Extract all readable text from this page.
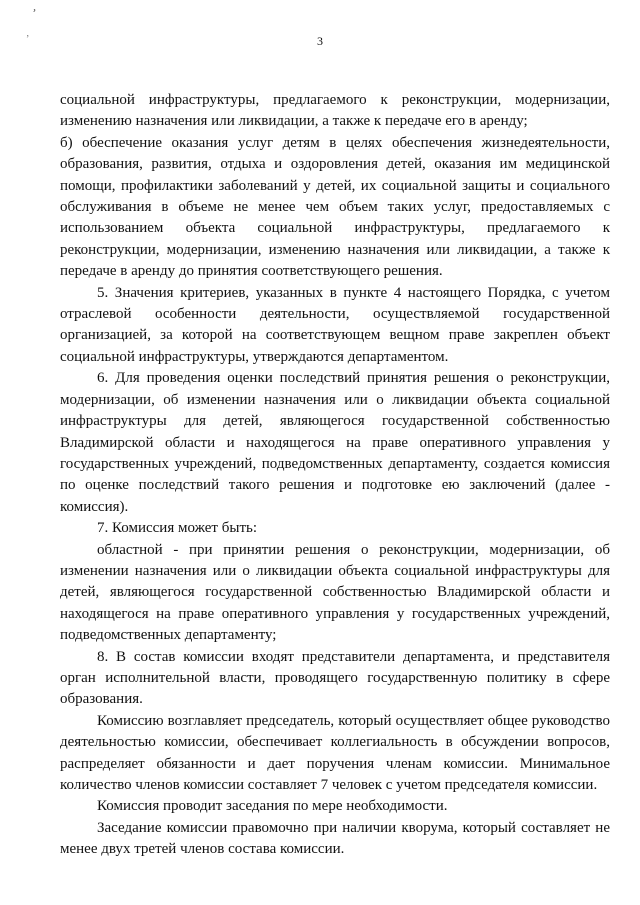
’
‚
3

социальной инфраструктуры, предлагаемого к реконструкции, модернизации, изменению назначения или ликвидации, а также к передаче его в аренду;

б) обеспечение оказания услуг детям в целях обеспечения жизнедеятельности, образования, развития, отдыха и оздоровления детей, оказания им медицинской помощи, профилактики заболеваний у детей, их социальной защиты и социального обслуживания в объеме не менее чем объем таких услуг, предоставляемых с использованием объекта социальной инфраструктуры, предлагаемого к реконструкции, модернизации, изменению назначения или ликвидации, а также к передаче в аренду до принятия соответствующего решения.

5. Значения критериев, указанных в пункте 4 настоящего Порядка, с учетом отраслевой особенности деятельности, осуществляемой государственной организацией, за которой на соответствующем вещном праве закреплен объект социальной инфраструктуры, утверждаются департаментом.

6. Для проведения оценки последствий принятия решения о реконструкции, модернизации, об изменении назначения или о ликвидации объекта социальной инфраструктуры для детей, являющегося государственной собственностью Владимирской области и находящегося на праве оперативного управления у государственных учреждений, подведомственных департаменту, создается комиссия по оценке последствий такого решения и подготовке ею заключений (далее - комиссия).

7. Комиссия может быть:

областной - при принятии решения о реконструкции, модернизации, об изменении назначения или о ликвидации объекта социальной инфраструктуры для детей, являющегося государственной собственностью Владимирской области и находящегося на праве оперативного управления у государственных учреждений, подведомственных департаменту;

8. В состав комиссии входят представители департамента, и представителя орган исполнительной власти, проводящего государственную политику в сфере образования.

Комиссию возглавляет председатель, который осуществляет общее руководство деятельностью комиссии, обеспечивает коллегиальность в обсуждении вопросов, распределяет обязанности и дает поручения членам комиссии. Минимальное количество членов комиссии составляет 7 человек с учетом председателя комиссии.

Комиссия проводит заседания по мере необходимости.

Заседание комиссии правомочно при наличии кворума, который составляет не менее двух третей членов состава комиссии.
